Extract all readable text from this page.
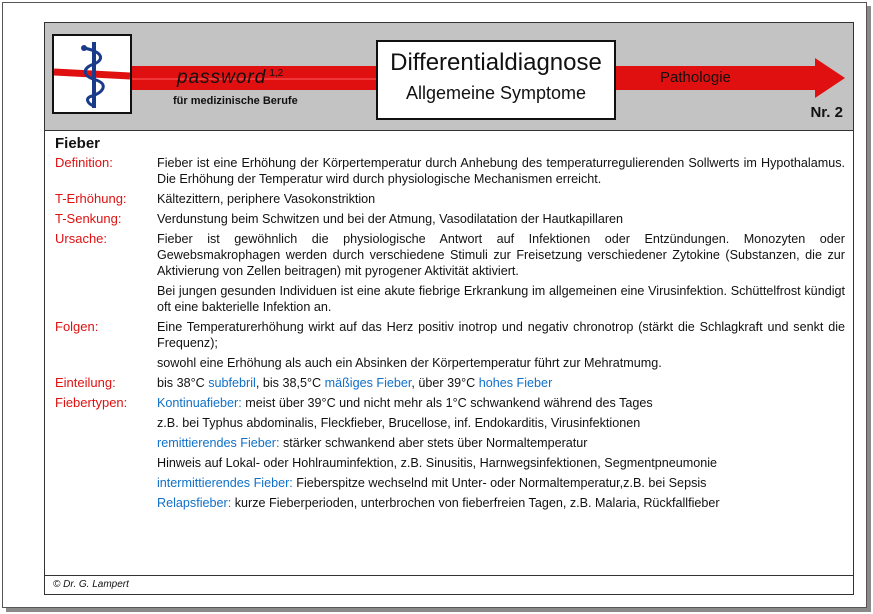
password $^{1,2}$
für medizinische Berufe
Differentialdiagnose
Allgemeine Symptome
Pathologie
Nr. 2
Fieber
Definition:	Fieber ist eine Erhöhung der Körpertemperatur durch Anhebung des temperaturregulierenden Sollwerts im Hypothalamus. Die Erhöhung der Temperatur wird durch physiologische Mechanismen erreicht.
T-Erhöhung:	Kältezittern, periphere Vasokonstriktion
T-Senkung:	Verdunstung beim Schwitzen und bei der Atmung, Vasodilatation der Hautkapillaren
Ursache:	Fieber ist gewöhnlich die physiologische Antwort auf Infektionen oder Entzündungen. Monozyten oder Gewebsmakrophagen werden durch verschiedene Stimuli zur Freisetzung verschiedener Zytokine (Substanzen, die zur Aktivierung von Zellen beitragen) mit pyrogener Aktivität aktiviert.
Bei jungen gesunden Individuen ist eine akute fiebrige Erkrankung im allgemeinen eine Virusinfektion. Schüttelfrost kündigt oft eine bakterielle Infektion an.
Folgen:	Eine Temperaturerhöhung wirkt auf das Herz positiv inotrop und negativ chronotrop (stärkt die Schlagkraft und senkt die Frequenz);
sowohl eine Erhöhung als auch ein Absinken der Körpertemperatur führt zur Mehratmumg.
Einteilung:	bis 38°C subfebril, bis 38,5°C mäßiges Fieber, über 39°C hohes Fieber
Fiebertypen:	Kontinuafieber: meist über 39°C und nicht mehr als 1°C schwankend während des Tages
z.B. bei Typhus abdominalis, Fleckfieber, Brucellose, inf. Endokarditis, Virusinfektionen
remittierendes Fieber: stärker schwankend aber stets über Normaltemperatur
Hinweis auf Lokal- oder Hohlrauminfektion, z.B. Sinusitis, Harnwegsinfektionen, Segmentpneumonie
intermittierendes Fieber: Fieberspitze wechselnd mit Unter- oder Normaltemperatur,z.B. bei Sepsis
Relapsfieber: kurze Fieberperioden, unterbrochen von fieberfreien Tagen, z.B. Malaria, Rückfallfieber
© Dr. G. Lampert
